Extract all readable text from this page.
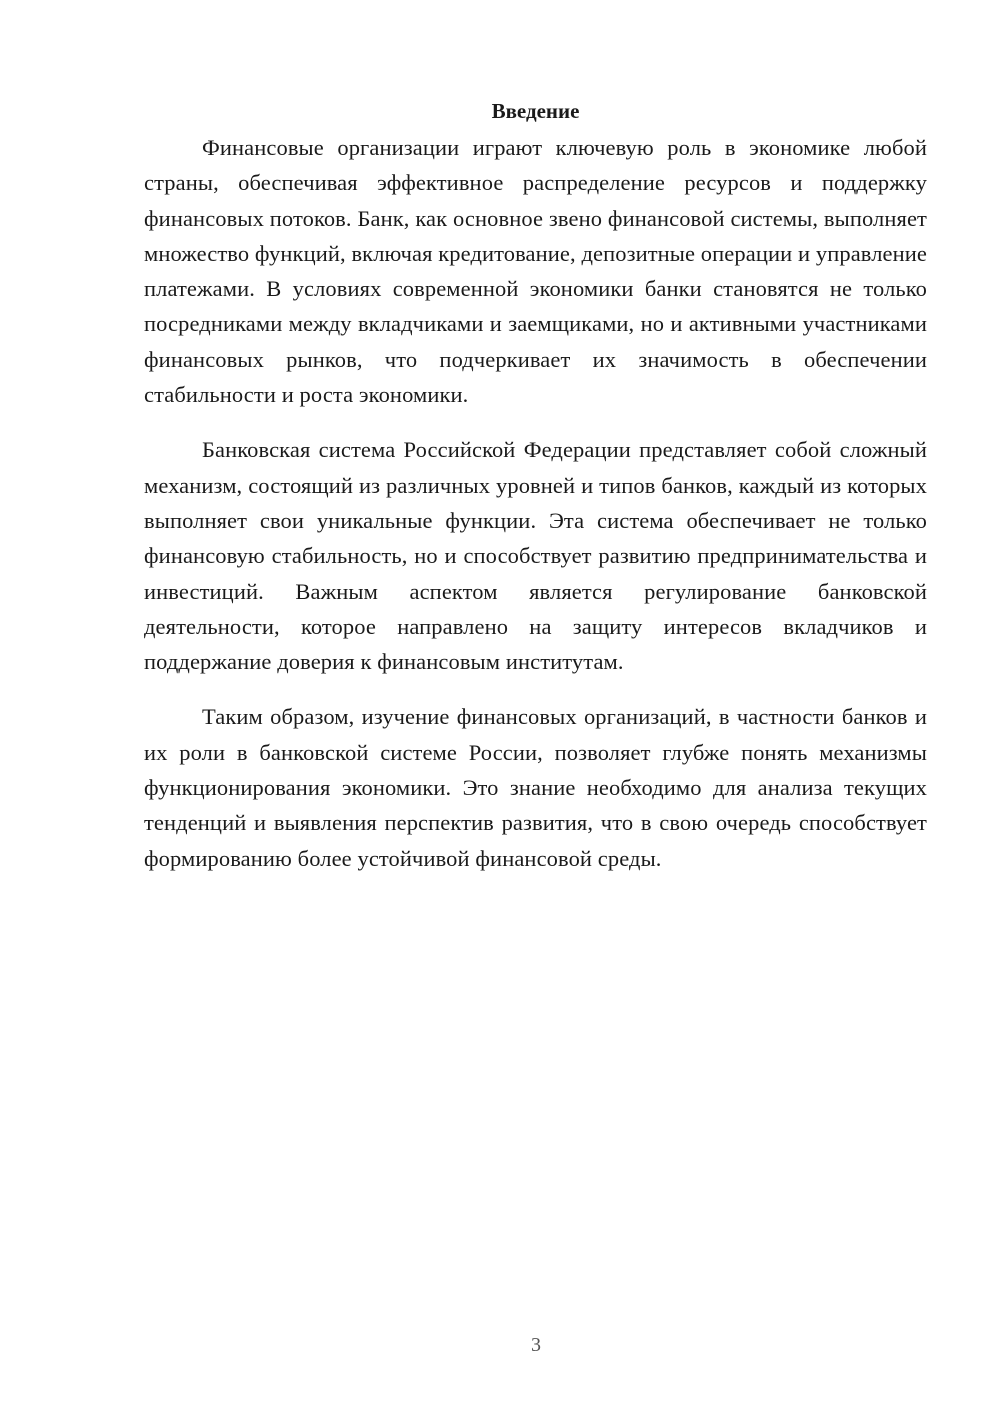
Введение

Финансовые организации играют ключевую роль в экономике любой страны, обеспечивая эффективное распределение ресурсов и поддержку финансовых потоков. Банк, как основное звено финансовой системы, выполняет множество функций, включая кредитование, депозитные операции и управление платежами. В условиях современной экономики банки становятся не только посредниками между вкладчиками и заемщиками, но и активными участниками финансовых рынков, что подчеркивает их значимость в обеспечении стабильности и роста экономики.

Банковская система Российской Федерации представляет собой сложный механизм, состоящий из различных уровней и типов банков, каждый из которых выполняет свои уникальные функции. Эта система обеспечивает не только финансовую стабильность, но и способствует развитию предпринимательства и инвестиций. Важным аспектом является регулирование банковской деятельности, которое направлено на защиту интересов вкладчиков и поддержание доверия к финансовым институтам.

Таким образом, изучение финансовых организаций, в частности банков и их роли в банковской системе России, позволяет глубже понять механизмы функционирования экономики. Это знание необходимо для анализа текущих тенденций и выявления перспектив развития, что в свою очередь способствует формированию более устойчивой финансовой среды.

3
